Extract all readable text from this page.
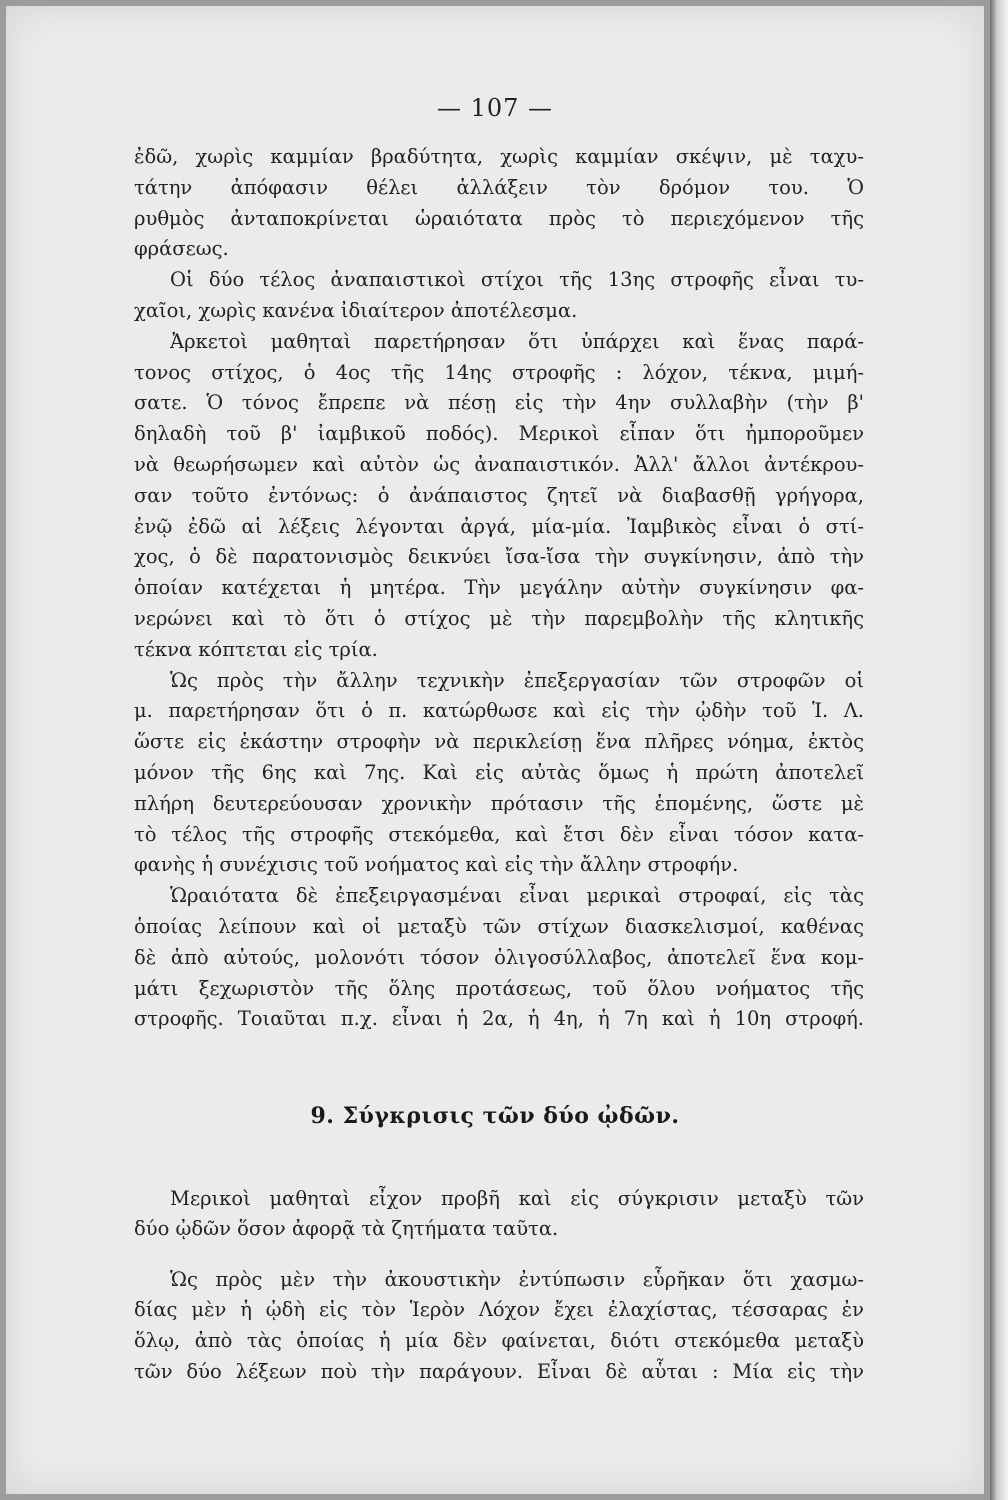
— 107 —

ἐδῶ, χωρὶς καμμίαν βραδύτητα, χωρὶς καμμίαν σκέψιν, μὲ ταχυ-
τάτην ἀπόφασιν θέλει ἀλλάξειν τὸν δρόμον του. Ὁ
ρυθμὸς ἀνταποκρίνεται ὡραιότατα πρὸς τὸ περιεχόμενον τῆς
φράσεως.

Οἱ δύο τέλος ἀναπαιστικοὶ στίχοι τῆς 13ης στροφῆς εἶναι τυ-
χαῖοι, χωρὶς κανένα ἰδιαίτερον ἀποτέλεσμα.

Ἀρκετοὶ μαθηταὶ παρετήρησαν ὅτι ὑπάρχει καὶ ἕνας παρά-
τονος στίχος, ὁ 4ος τῆς 14ης στροφῆς : λόχον, τέκνα, μιμή-
σατε. Ὁ τόνος ἔπρεπε νὰ πέσῃ εἰς τὴν 4ην συλλαβὴν (τὴν β'
δηλαδὴ τοῦ β' ἰαμβικοῦ ποδός). Μερικοὶ εἶπαν ὅτι ἠμποροῦμεν
νὰ θεωρήσωμεν καὶ αὐτὸν ὡς ἀναπαιστικόν. Ἀλλ' ἄλλοι ἀντέκρου-
σαν τοῦτο ἐντόνως: ὁ ἀνάπαιστος ζητεῖ νὰ διαβασθῇ γρήγορα,
ἐνῷ ἐδῶ αἱ λέξεις λέγονται ἀργά, μία-μία. Ἰαμβικὸς εἶναι ὁ στί-
χος, ὁ δὲ παρατονισμὸς δεικνύει ἴσα-ἴσα τὴν συγκίνησιν, ἀπὸ τὴν
ὁποίαν κατέχεται ἡ μητέρα. Τὴν μεγάλην αὐτὴν συγκίνησιν φα-
νερώνει καὶ τὸ ὅτι ὁ στίχος μὲ τὴν παρεμβολὴν τῆς κλητικῆς
τέκνα κόπτεται εἰς τρία.

Ὡς πρὸς τὴν ἄλλην τεχνικὴν ἐπεξεργασίαν τῶν στροφῶν οἱ
μ. παρετήρησαν ὅτι ὁ π. κατώρθωσε καὶ εἰς τὴν ᾠδὴν τοῦ Ἱ. Λ.
ὥστε εἰς ἑκάστην στροφὴν νὰ περικλείσῃ ἕνα πλῆρες νόημα, ἐκτὸς
μόνον τῆς 6ης καὶ 7ης. Καὶ εἰς αὐτὰς ὅμως ἡ πρώτη ἀποτελεῖ
πλήρη δευτερεύουσαν χρονικὴν πρότασιν τῆς ἑπομένης, ὥστε μὲ
τὸ τέλος τῆς στροφῆς στεκόμεθα, καὶ ἔτσι δὲν εἶναι τόσον κατα-
φανὴς ἡ συνέχισις τοῦ νοήματος καὶ εἰς τὴν ἄλλην στροφήν.

Ὡραιότατα δὲ ἐπεξειργασμέναι εἶναι μερικαὶ στροφαί, εἰς τὰς
ὁποίας λείπουν καὶ οἱ μεταξὺ τῶν στίχων διασκελισμοί, καθένας
δὲ ἀπὸ αὐτούς, μολονότι τόσον ὀλιγοσύλλαβος, ἀποτελεῖ ἕνα κομ-
μάτι ξεχωριστὸν τῆς ὅλης προτάσεως, τοῦ ὅλου νοήματος τῆς
στροφῆς. Τοιαῦται π.χ. εἶναι ἡ 2α, ἡ 4η, ἡ 7η καὶ ἡ 10η στροφή.

9. Σύγκρισις τῶν δύο ᾠδῶν.

Μερικοὶ μαθηταὶ εἶχον προβῆ καὶ εἰς σύγκρισιν μεταξὺ τῶν
δύο ᾠδῶν ὅσον ἀφορᾷ τὰ ζητήματα ταῦτα.

Ὡς πρὸς μὲν τὴν ἀκουστικὴν ἐντύπωσιν εὗρῆκαν ὅτι χασμω-
δίας μὲν ἡ ᾠδὴ εἰς τὸν Ἱερὸν Λόχον ἔχει ἐλαχίστας, τέσσαρας ἐν
ὅλῳ, ἀπὸ τὰς ὁποίας ἡ μία δὲν φαίνεται, διότι στεκόμεθα μεταξὺ
τῶν δύο λέξεων ποὺ τὴν παράγουν. Εἶναι δὲ αὗται : Μία εἰς τὴν
